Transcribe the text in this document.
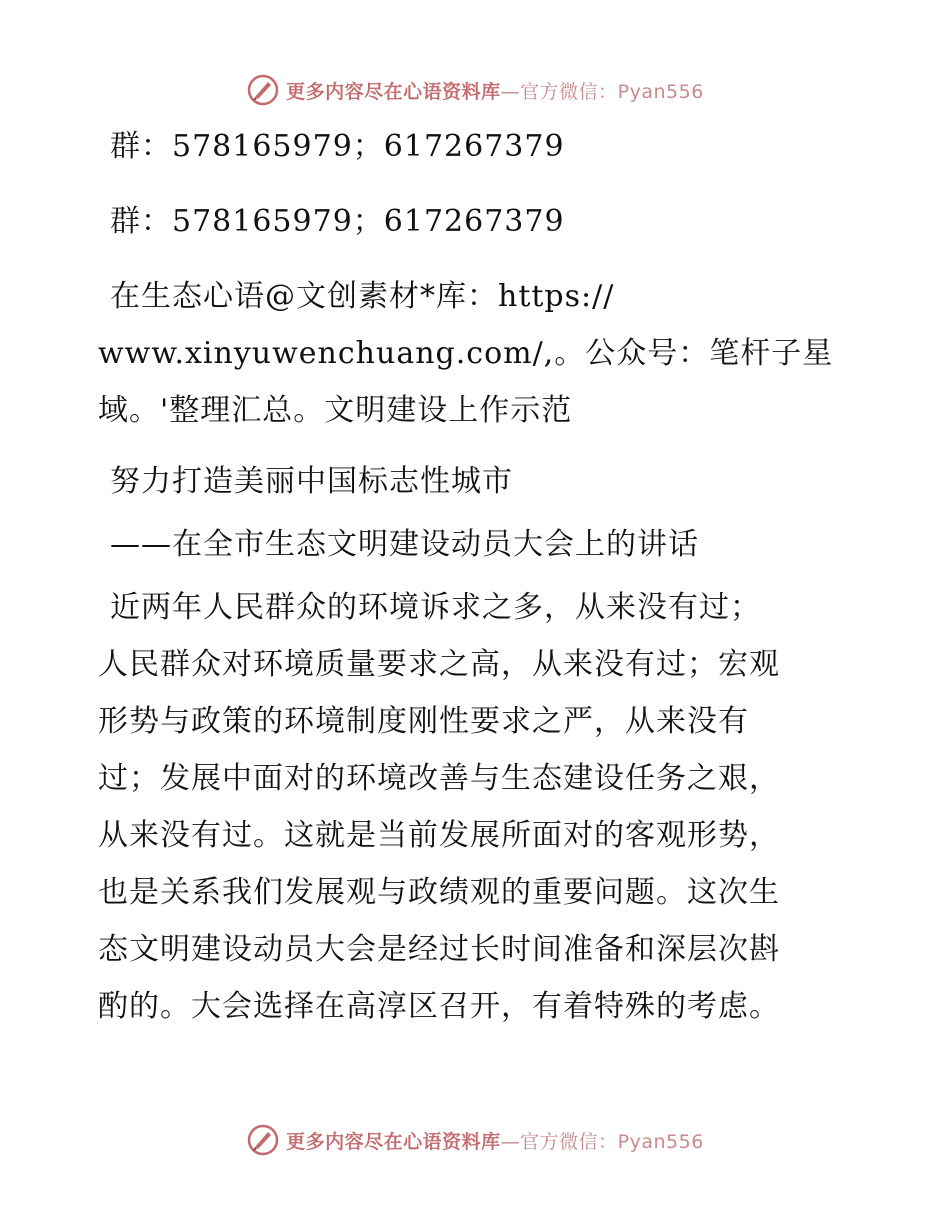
更多内容尽在心语资料库—官方微信：Pyan556
群：578165979；617267379
群：578165979；617267379
在生态心语@文创素材*库：https://
www.xinyuwenchuang.com/,。公众号：笔杆子星
域。'整理汇总。文明建设上作示范
努力打造美丽中国标志性城市
——在全市生态文明建设动员大会上的讲话
近两年人民群众的环境诉求之多，从来没有过；
人民群众对环境质量要求之高，从来没有过；宏观
形势与政策的环境制度刚性要求之严，从来没有
过；发展中面对的环境改善与生态建设任务之艰，
从来没有过。这就是当前发展所面对的客观形势，
也是关系我们发展观与政绩观的重要问题。这次生
态文明建设动员大会是经过长时间准备和深层次斟
酌的。大会选择在高淳区召开，有着特殊的考虑。
更多内容尽在心语资料库—官方微信：Pyan556
